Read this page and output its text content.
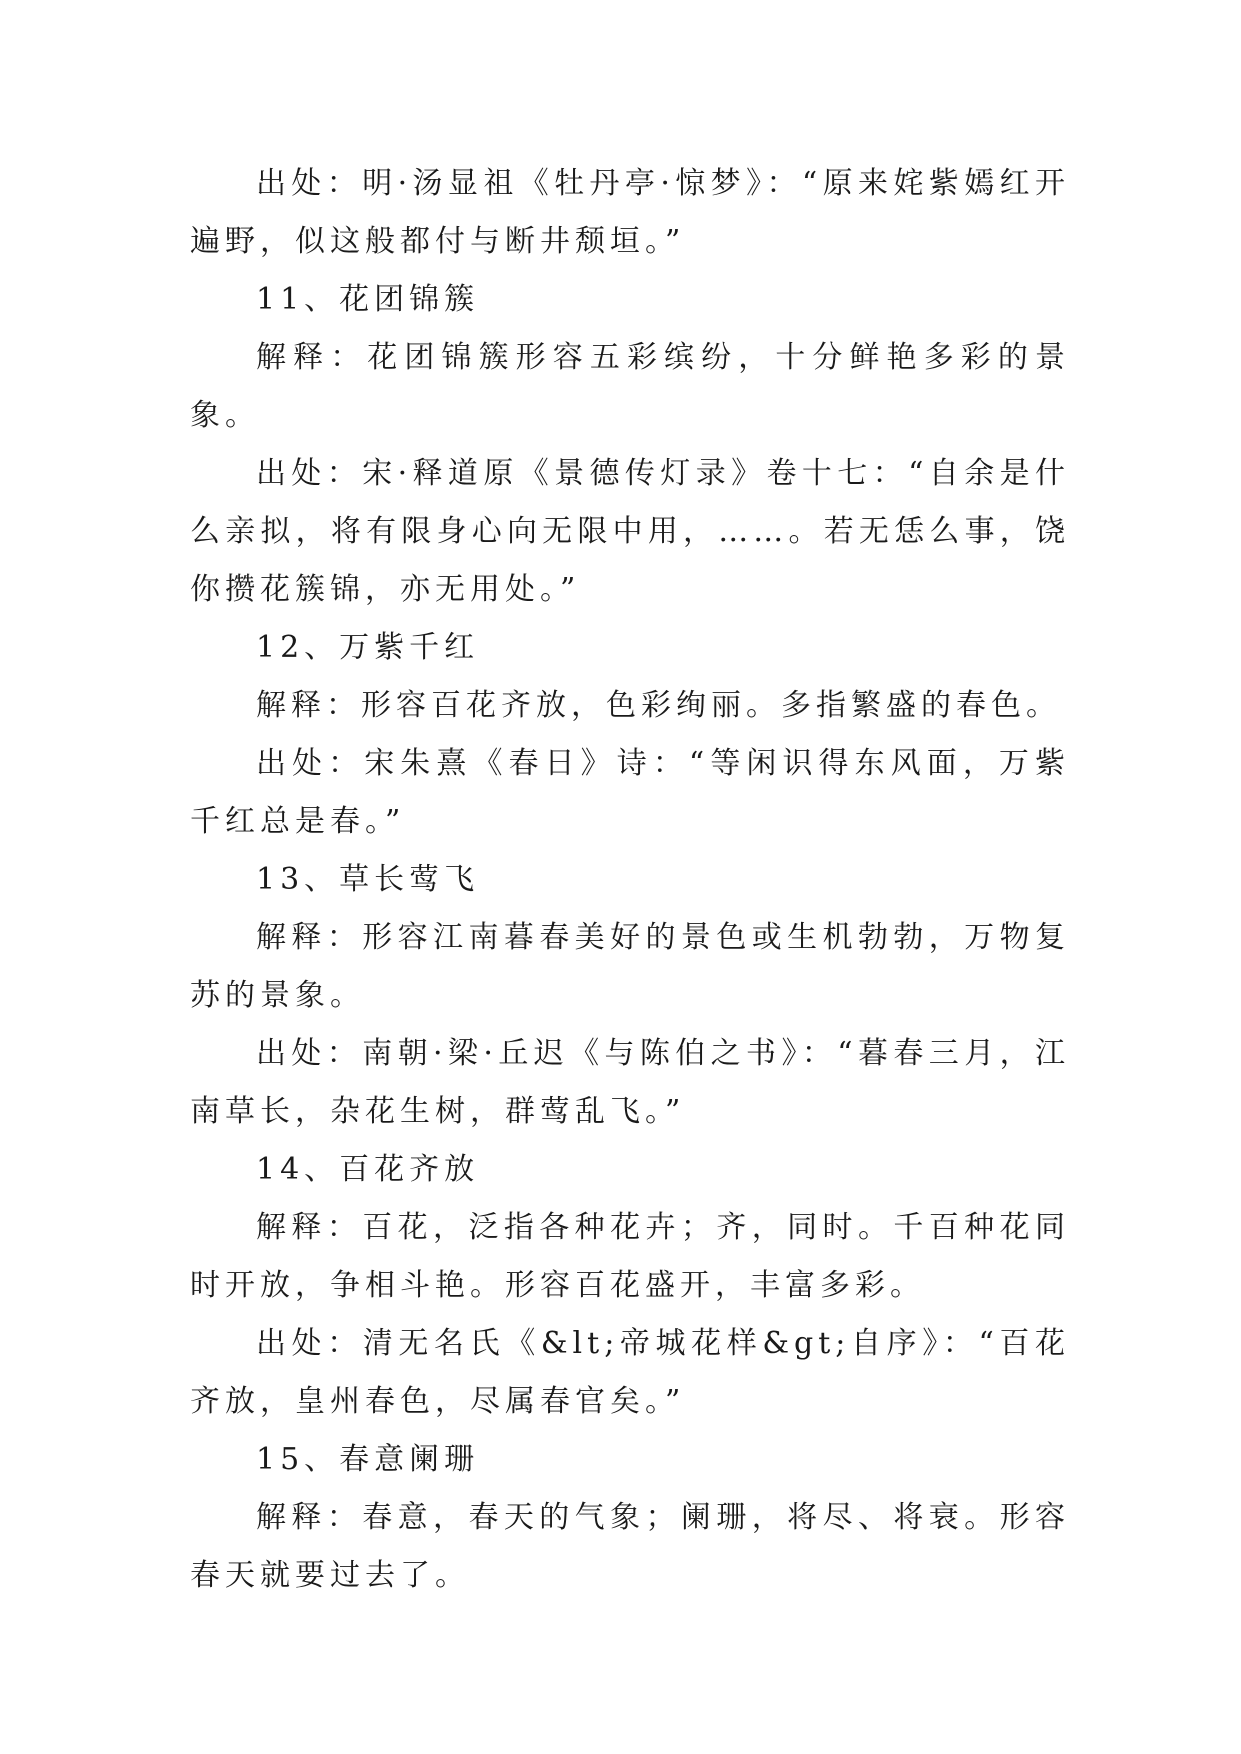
出处：明·汤显祖《牡丹亭·惊梦》：“原来姹紫嫣红开遍野，似这般都付与断井颓垣。”

11、花团锦簇

解释：花团锦簇形容五彩缤纷，十分鲜艳多彩的景象。

出处：宋·释道原《景德传灯录》卷十七：“自余是什么亲拟，将有限身心向无限中用，……。若无恁么事，饶你攒花簇锦，亦无用处。”

12、万紫千红

解释：形容百花齐放，色彩绚丽。多指繁盛的春色。

出处：宋朱熹《春日》诗：“等闲识得东风面，万紫千红总是春。”

13、草长莺飞

解释：形容江南暮春美好的景色或生机勃勃，万物复苏的景象。

出处：南朝·梁·丘迟《与陈伯之书》：“暮春三月，江南草长，杂花生树，群莺乱飞。”

14、百花齐放

解释：百花，泛指各种花卉；齐，同时。千百种花同时开放，争相斗艳。形容百花盛开，丰富多彩。

出处：清无名氏《&lt;帝城花样&gt;自序》：“百花齐放，皇州春色，尽属春官矣。”

15、春意阑珊

解释：春意，春天的气象；阑珊，将尽、将衰。形容春天就要过去了。
